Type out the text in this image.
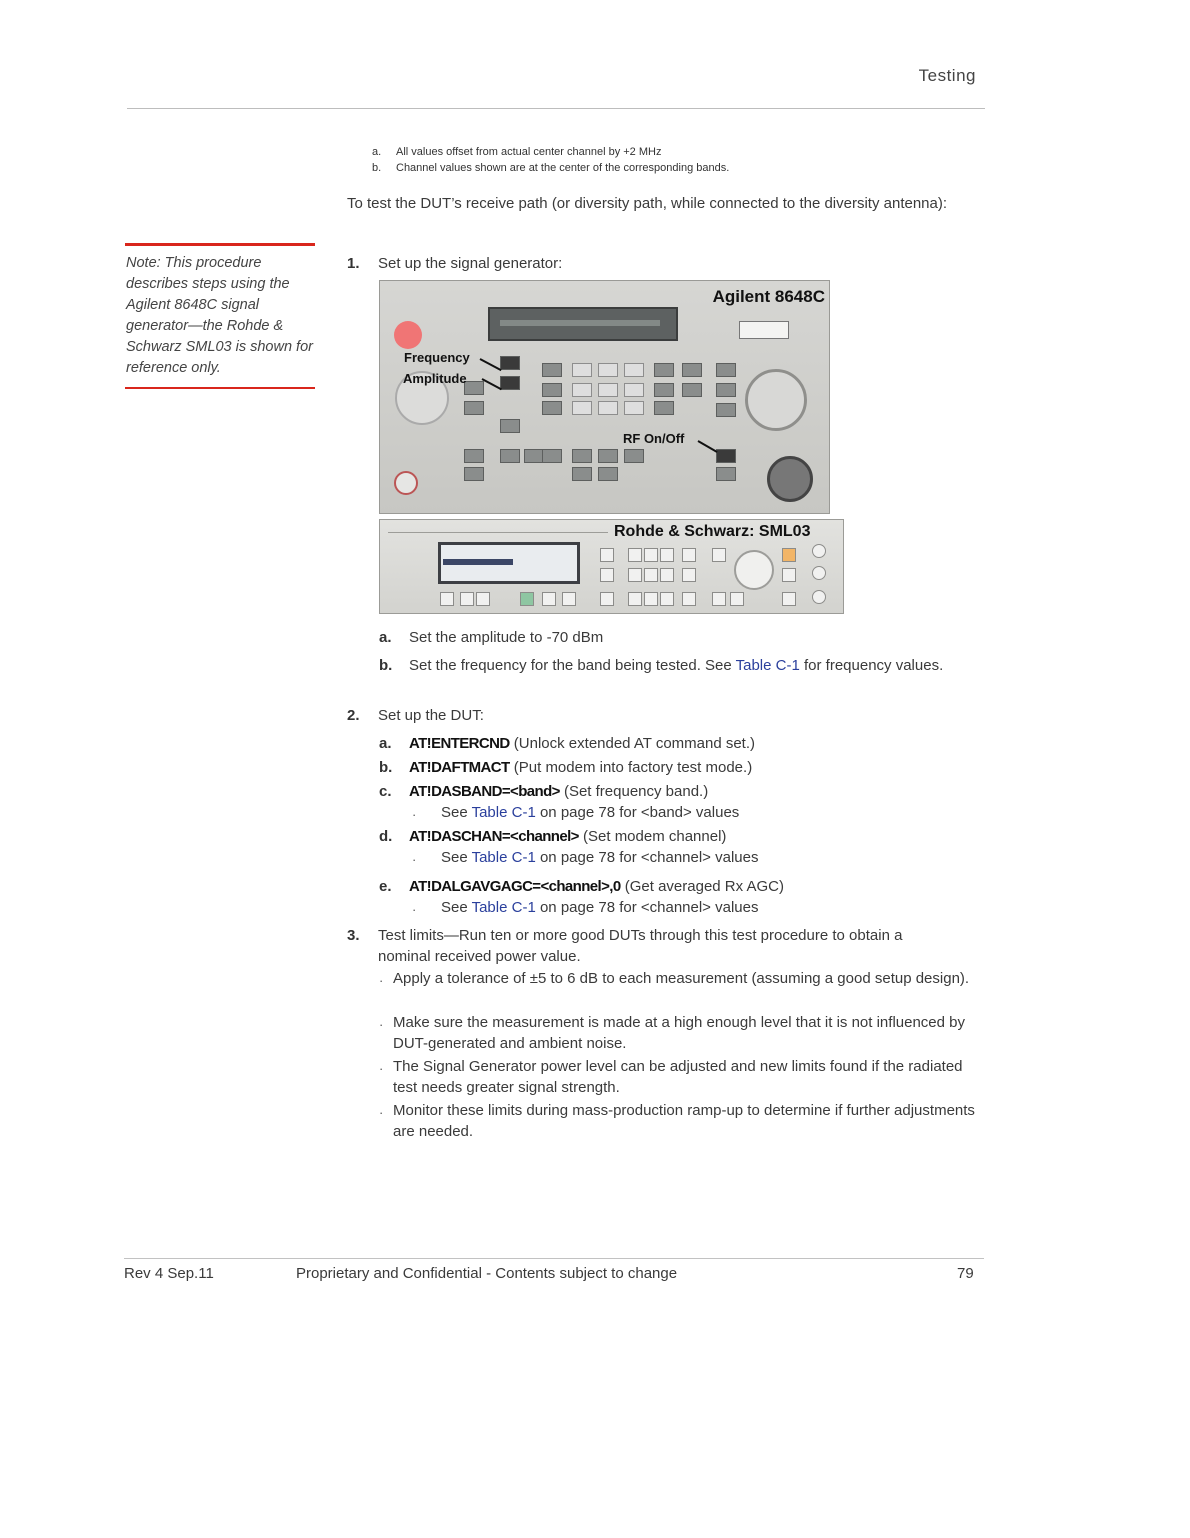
Testing
a.	All values offset from actual center channel by +2 MHz
b.	Channel values shown are at the center of the corresponding bands.
To test the DUT’s receive path (or diversity path, while connected to the diversity antenna):
Note: This procedure describes steps using the Agilent 8648C signal generator—the Rohde & Schwarz SML03 is shown for reference only.
1. Set up the signal generator:
Agilent 8648C
Frequency
Amplitude
RF On/Off
Rohde & Schwarz: SML03
a. Set the amplitude to -70 dBm
b. Set the frequency for the band being tested. See Table C-1 for frequency values.
2. Set up the DUT:
a. AT!ENTERCND (Unlock extended AT command set.)
b. AT!DAFTMACT (Put modem into factory test mode.)
c. AT!DASBAND=<band> (Set frequency band.)
· See Table C-1 on page 78 for <band> values
d. AT!DASCHAN=<channel> (Set modem channel)
· See Table C-1 on page 78 for <channel> values
e. AT!DALGAVGAGC=<channel>,0 (Get averaged Rx AGC)
· See Table C-1 on page 78 for <channel> values
3. Test limits—Run ten or more good DUTs through this test procedure to obtain a nominal received power value.
· Apply a tolerance of ±5 to 6 dB to each measurement (assuming a good setup design).
· Make sure the measurement is made at a high enough level that it is not influenced by DUT-generated and ambient noise.
· The Signal Generator power level can be adjusted and new limits found if the radiated test needs greater signal strength.
· Monitor these limits during mass-production ramp-up to determine if further adjustments are needed.
Rev 4 Sep.11	Proprietary and Confidential - Contents subject to change	79
